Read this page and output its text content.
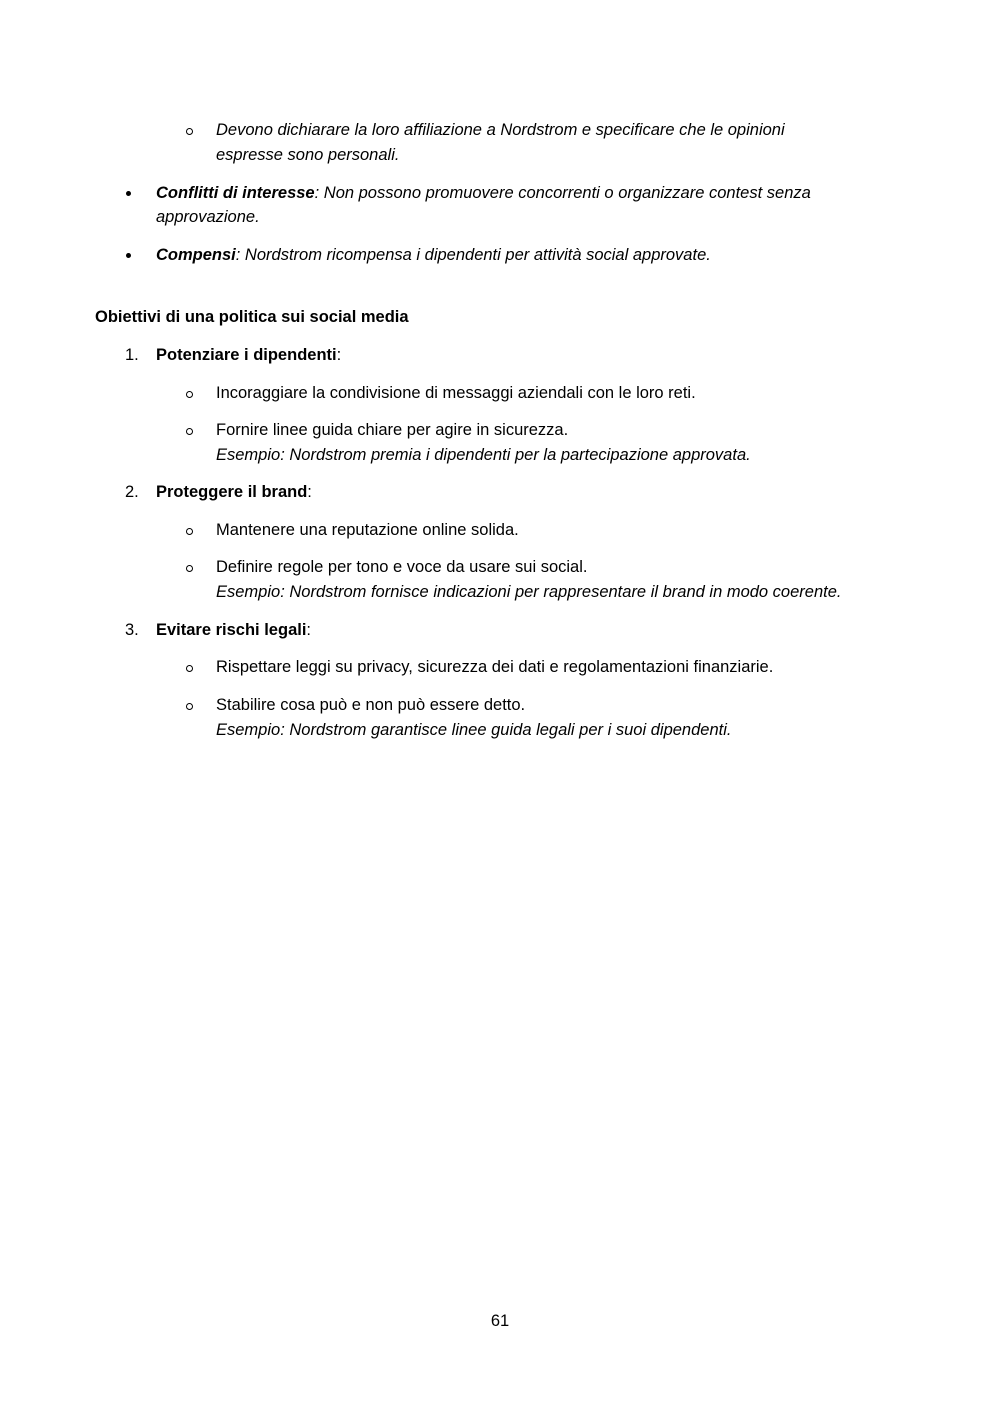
Devono dichiarare la loro affiliazione a Nordstrom e specificare che le opinioni
espresse sono personali.
Conflitti di interesse: Non possono promuovere concorrenti o organizzare contest senza
approvazione.
Compensi: Nordstrom ricompensa i dipendenti per attività social approvate.
Obiettivi di una politica sui social media
1. Potenziare i dipendenti:
Incoraggiare la condivisione di messaggi aziendali con le loro reti.
Fornire linee guida chiare per agire in sicurezza.
Esempio: Nordstrom premia i dipendenti per la partecipazione approvata.
2. Proteggere il brand:
Mantenere una reputazione online solida.
Definire regole per tono e voce da usare sui social.
Esempio: Nordstrom fornisce indicazioni per rappresentare il brand in modo coerente.
3. Evitare rischi legali:
Rispettare leggi su privacy, sicurezza dei dati e regolamentazioni finanziarie.
Stabilire cosa può e non può essere detto.
Esempio: Nordstrom garantisce linee guida legali per i suoi dipendenti.
61
